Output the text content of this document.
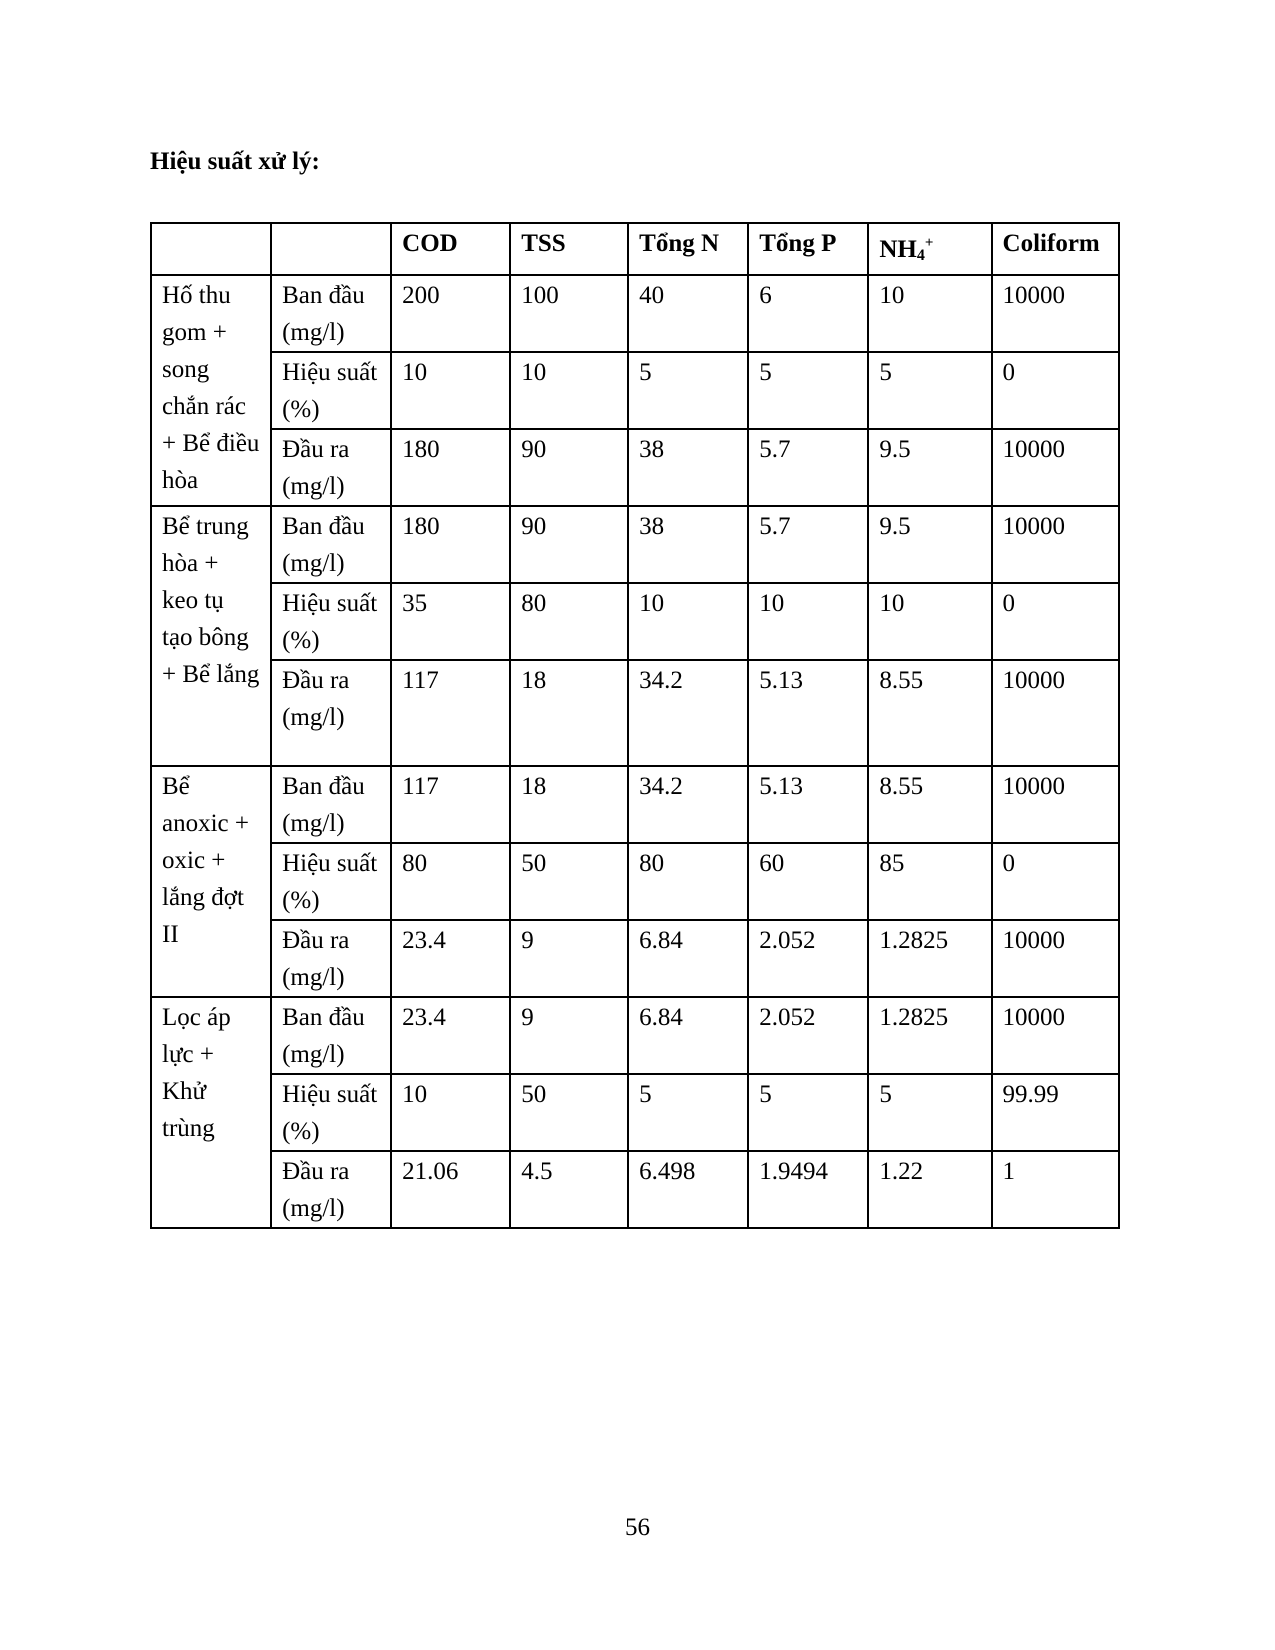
Hiệu suất xử lý:
		COD	TSS	Tổng N	Tổng P	NH4+	Coliform
Hố thu gom + song chắn rác + Bể điều hòa	Ban đầu (mg/l)	200	100	40	6	10	10000
	Hiệu suất (%)	10	10	5	5	5	0
	Đầu ra (mg/l)	180	90	38	5.7	9.5	10000
Bể trung hòa + keo tụ tạo bông + Bể lắng	Ban đầu (mg/l)	180	90	38	5.7	9.5	10000
	Hiệu suất (%)	35	80	10	10	10	0
	Đầu ra (mg/l)	117	18	34.2	5.13	8.55	10000
Bể anoxic + oxic + lắng đợt II	Ban đầu (mg/l)	117	18	34.2	5.13	8.55	10000
	Hiệu suất (%)	80	50	80	60	85	0
	Đầu ra (mg/l)	23.4	9	6.84	2.052	1.2825	10000
Lọc áp lực + Khử trùng	Ban đầu (mg/l)	23.4	9	6.84	2.052	1.2825	10000
	Hiệu suất (%)	10	50	5	5	5	99.99
	Đầu ra (mg/l)	21.06	4.5	6.498	1.9494	1.22	1
56
